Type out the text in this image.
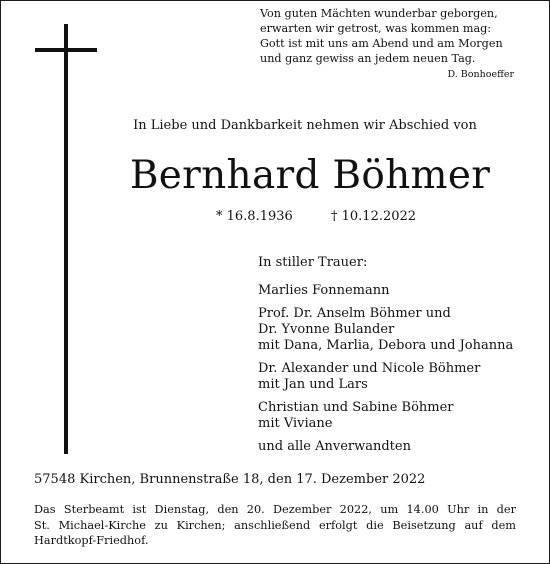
Von guten Mächten wunderbar geborgen,
erwarten wir getrost, was kommen mag:
Gott ist mit uns am Abend und am Morgen
und ganz gewiss an jedem neuen Tag.
D. Bonhoeffer
In Liebe und Dankbarkeit nehmen wir Abschied von
Bernhard Böhmer
* 16.8.1936	† 10.12.2022
In stiller Trauer:
Marlies Fonnemann
Prof. Dr. Anselm Böhmer und
Dr. Yvonne Bulander
mit Dana, Marlia, Debora und Johanna
Dr. Alexander und Nicole Böhmer
mit Jan und Lars
Christian und Sabine Böhmer
mit Viviane
und alle Anverwandten
57548 Kirchen, Brunnenstraße 18, den 17. Dezember 2022
Das Sterbeamt ist Dienstag, den 20. Dezember 2022, um 14.00 Uhr in der
St. Michael-Kirche zu Kirchen; anschließend erfolgt die Beisetzung auf dem
Hardtkopf-Friedhof.
